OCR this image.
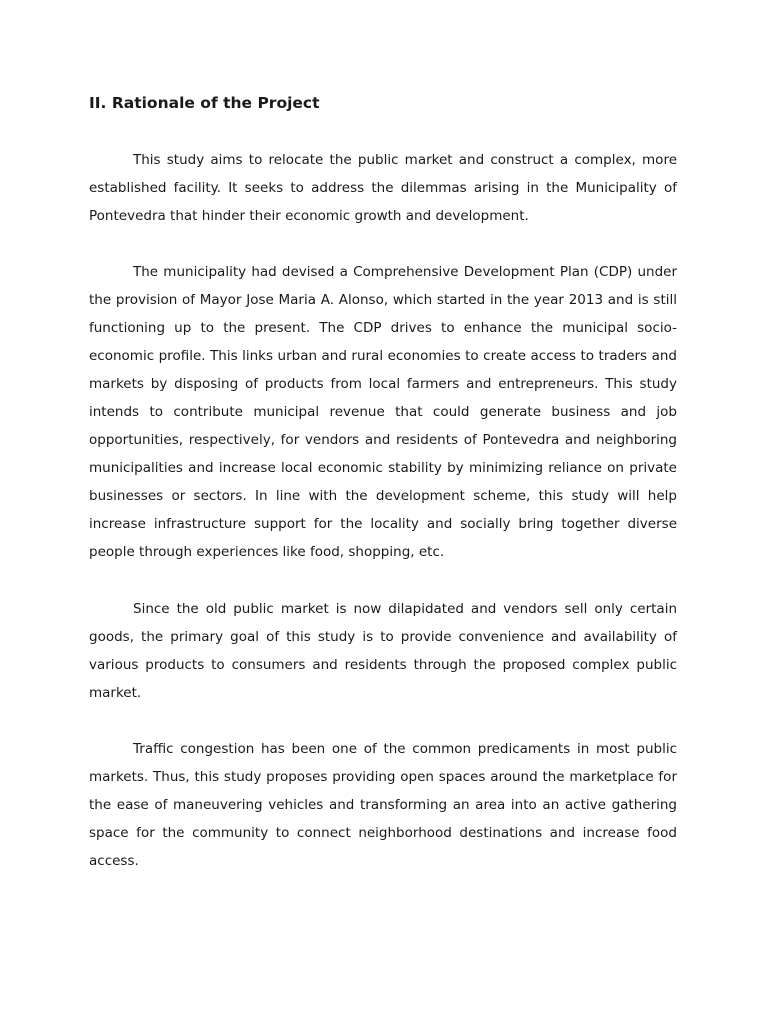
II. Rationale of the Project

This study aims to relocate the public market and construct a complex, more established facility. It seeks to address the dilemmas arising in the Municipality of Pontevedra that hinder their economic growth and development.

The municipality had devised a Comprehensive Development Plan (CDP) under the provision of Mayor Jose Maria A. Alonso, which started in the year 2013 and is still functioning up to the present. The CDP drives to enhance the municipal socio-economic profile. This links urban and rural economies to create access to traders and markets by disposing of products from local farmers and entrepreneurs. This study intends to contribute municipal revenue that could generate business and job opportunities, respectively, for vendors and residents of Pontevedra and neighboring municipalities and increase local economic stability by minimizing reliance on private businesses or sectors. In line with the development scheme, this study will help increase infrastructure support for the locality and socially bring together diverse people through experiences like food, shopping, etc.

Since the old public market is now dilapidated and vendors sell only certain goods, the primary goal of this study is to provide convenience and availability of various products to consumers and residents through the proposed complex public market.

Traffic congestion has been one of the common predicaments in most public markets. Thus, this study proposes providing open spaces around the marketplace for the ease of maneuvering vehicles and transforming an area into an active gathering space for the community to connect neighborhood destinations and increase food access.
